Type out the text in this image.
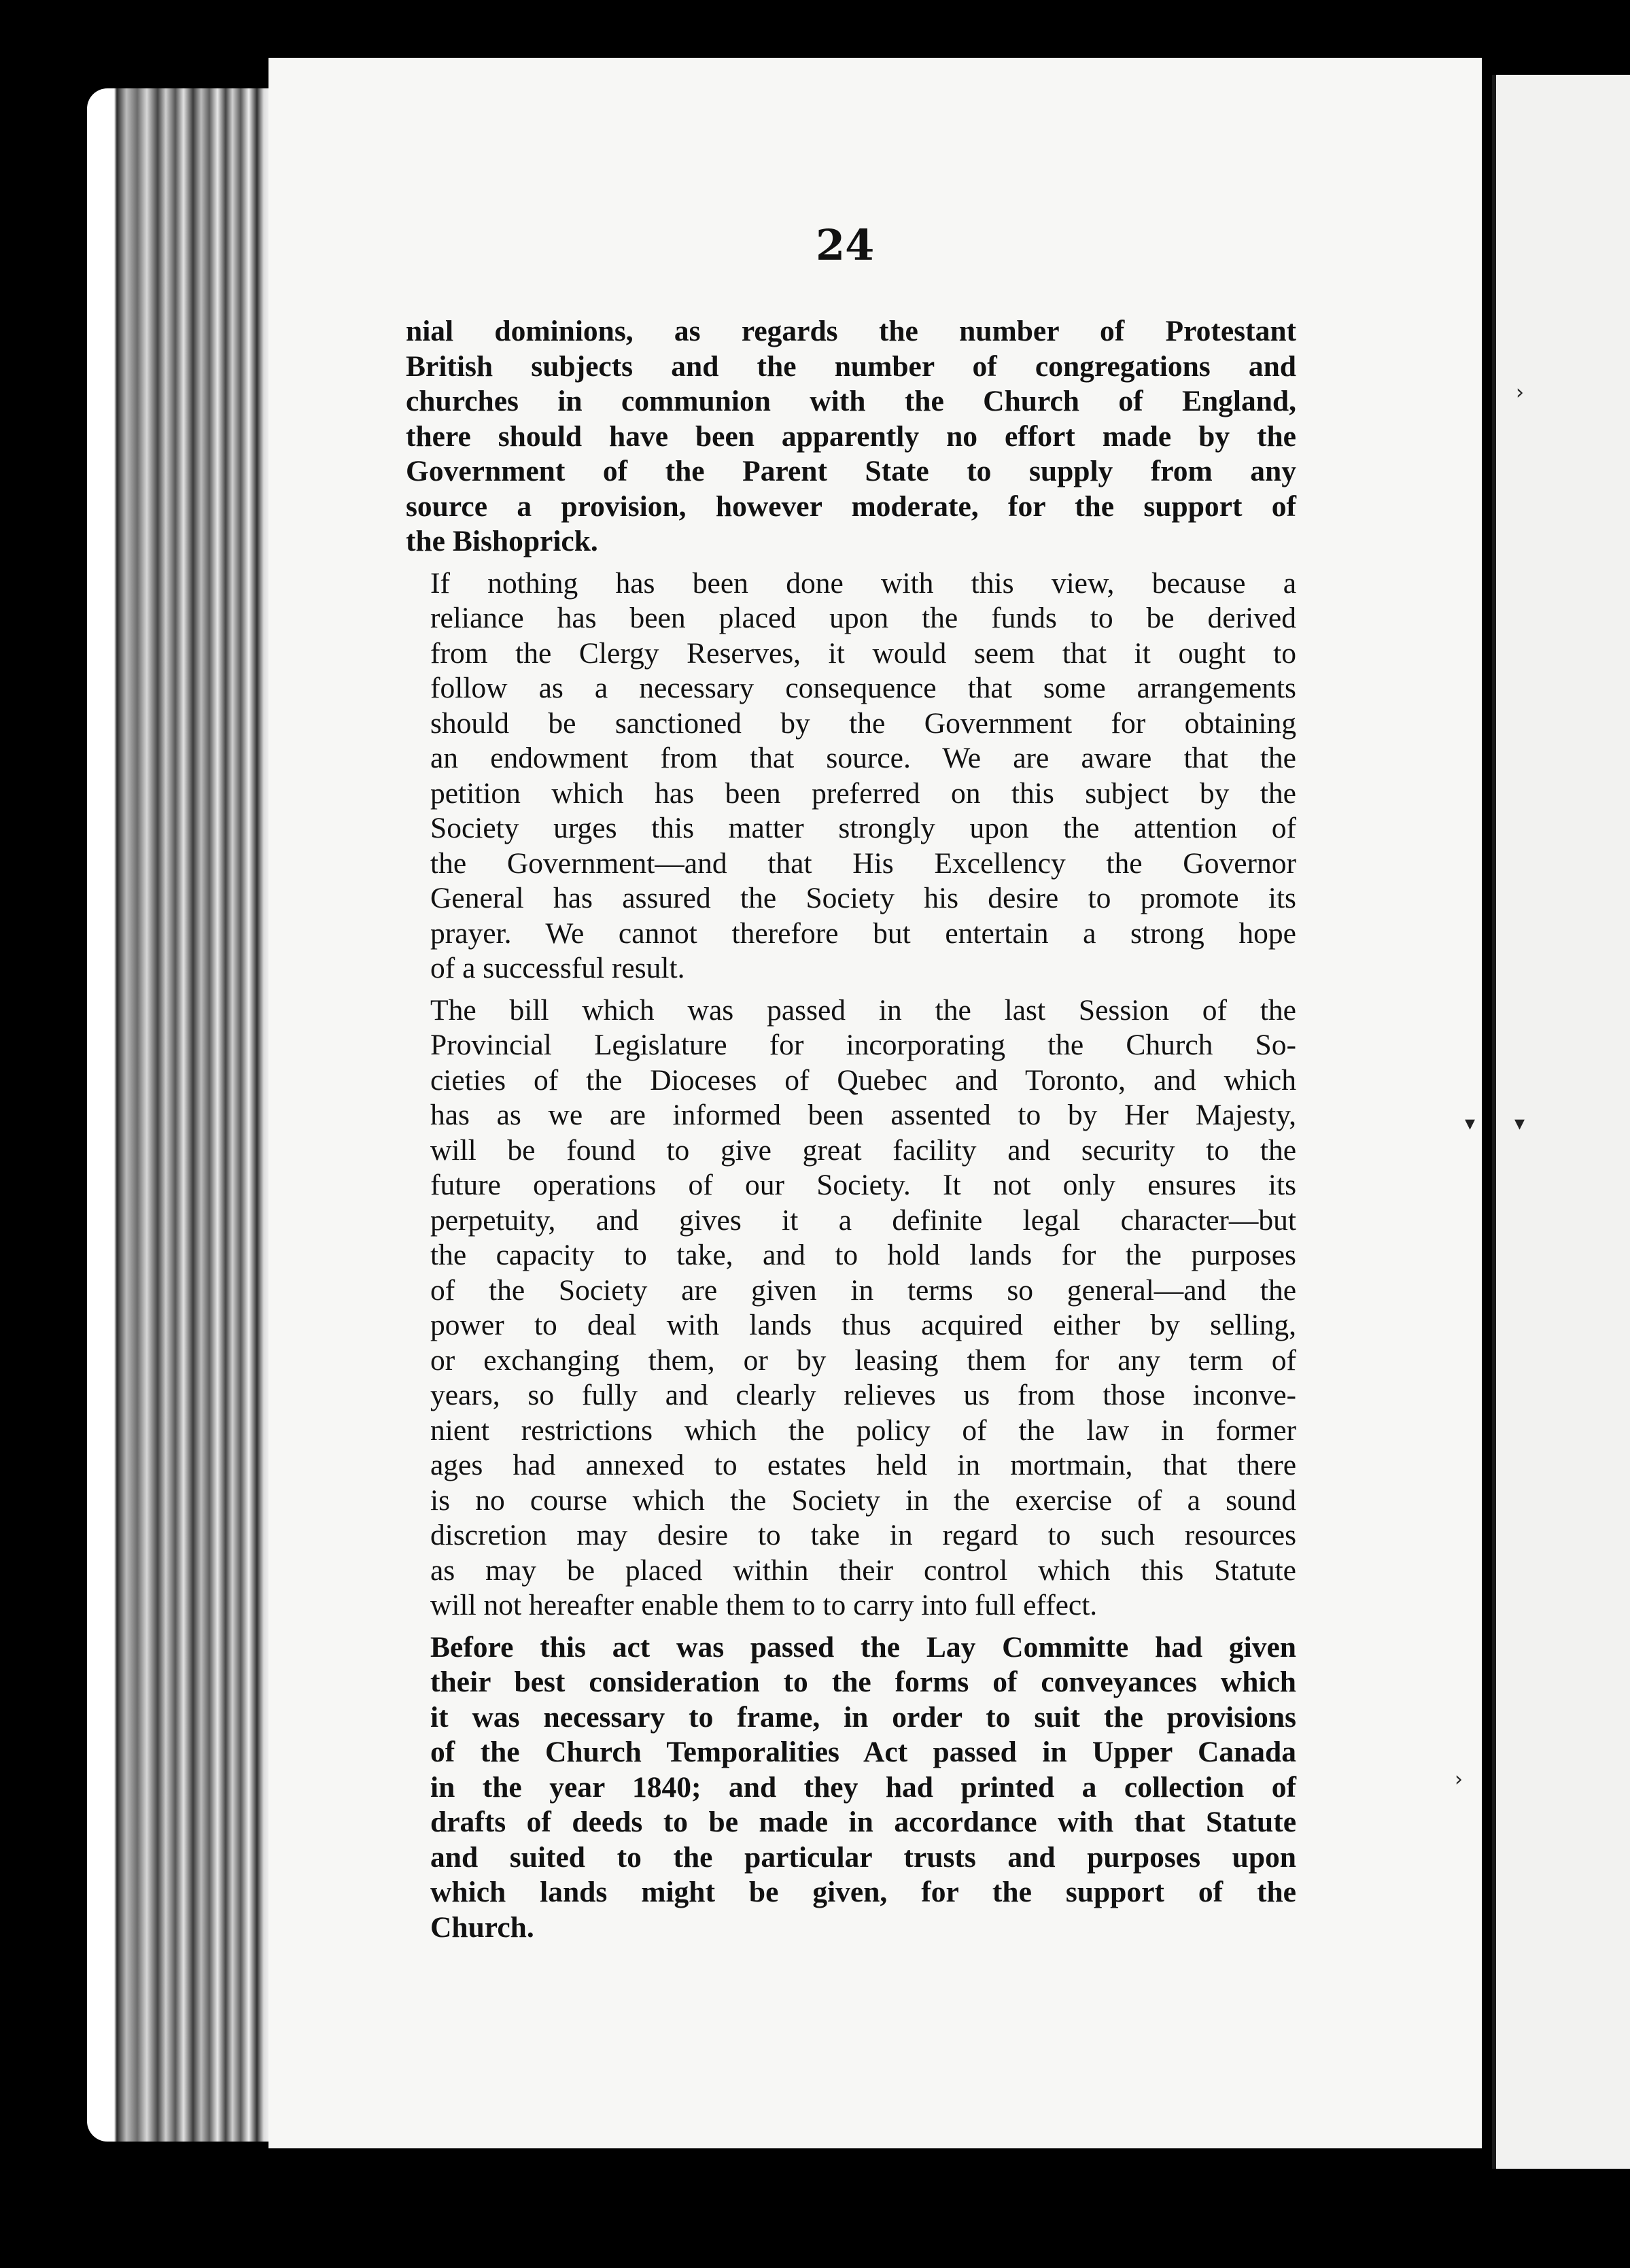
24
nial dominions, as regards the number of Protestant
British subjects and the number of congregations and
churches in communion with the Church of England,
there should have been apparently no effort made by the
Government of the Parent State to supply from any
source a provision, however moderate, for the support of
the Bishoprick.
If nothing has been done with this view, because a
reliance has been placed upon the funds to be derived
from the Clergy Reserves, it would seem that it ought to
follow as a necessary consequence that some arrangements
should be sanctioned by the Government for obtaining
an endowment from that source. We are aware that the
petition which has been preferred on this subject by the
Society urges this matter strongly upon the attention of
the Government—and that His Excellency the Governor
General has assured the Society his desire to promote its
prayer. We cannot therefore but entertain a strong hope
of a successful result.
The bill which was passed in the last Session of the
Provincial Legislature for incorporating the Church So-
cieties of the Dioceses of Quebec and Toronto, and which
has as we are informed been assented to by Her Majesty,
will be found to give great facility and security to the
future operations of our Society. It not only ensures its
perpetuity, and gives it a definite legal character—but
the capacity to take, and to hold lands for the purposes
of the Society are given in terms so general—and the
power to deal with lands thus acquired either by selling,
or exchanging them, or by leasing them for any term of
years, so fully and clearly relieves us from those inconve-
nient restrictions which the policy of the law in former
ages had annexed to estates held in mortmain, that there
is no course which the Society in the exercise of a sound
discretion may desire to take in regard to such resources
as may be placed within their control which this Statute
will not hereafter enable them to to carry into full effect.
Before this act was passed the Lay Committe had given
their best consideration to the forms of conveyances which
it was necessary to frame, in order to suit the provisions
of the Church Temporalities Act passed in Upper Canada
in the year 1840; and they had printed a collection of
drafts of deeds to be made in accordance with that Statute
and suited to the particular trusts and purposes upon
which lands might be given, for the support of the
Church.
›
▾ ▾
›
